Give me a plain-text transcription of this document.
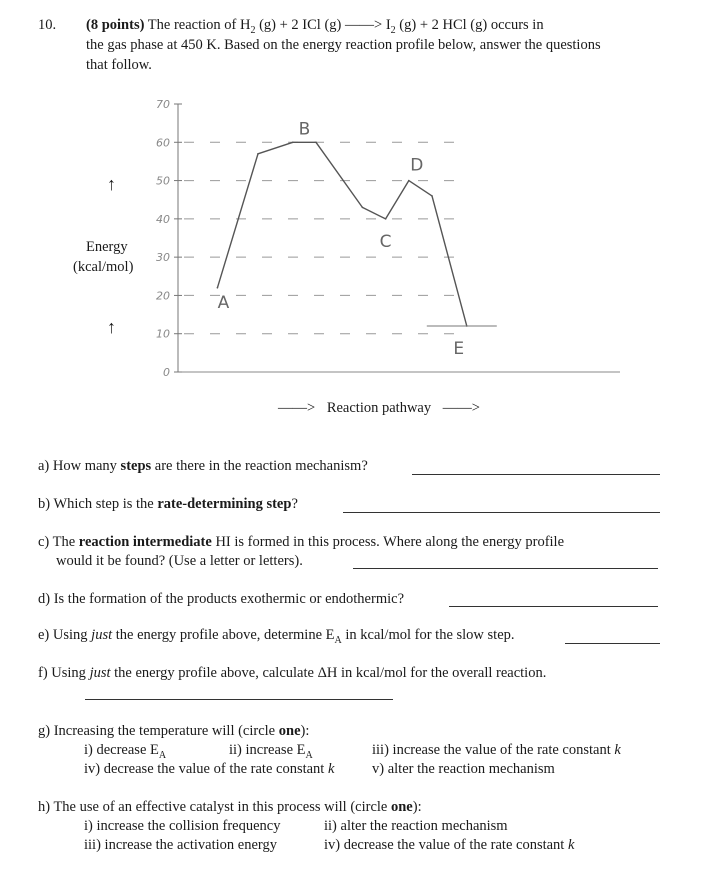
10. (8 points) The reaction of $H_2$ (g) + 2 ICl (g) ——> $I_2$ (g) + 2 HCl (g) occurs in
the gas phase at 450 K. Based on the energy reaction profile below, answer the questions
that follow.
0
10
20
30
40
50
60
70
A
B
C
D
E
↑
↑
Energy
(kcal/mol)
——> Reaction pathway ——>
a) How many steps are there in the reaction mechanism?
b) Which step is the rate-determining step?
c) The reaction intermediate HI is formed in this process. Where along the energy profile
would it be found? (Use a letter or letters).
d) Is the formation of the products exothermic or endothermic?
e) Using just the energy profile above, determine $E_A$ in kcal/mol for the slow step.
f) Using just the energy profile above, calculate ΔH in kcal/mol for the overall reaction.
g) Increasing the temperature will (circle one):
i) decrease $E_A$	ii) increase $E_A$	iii) increase the value of the rate constant k
iv) decrease the value of the rate constant k	v) alter the reaction mechanism
h) The use of an effective catalyst in this process will (circle one):
i) increase the collision frequency	ii) alter the reaction mechanism
iii) increase the activation energy	iv) decrease the value of the rate constant k
